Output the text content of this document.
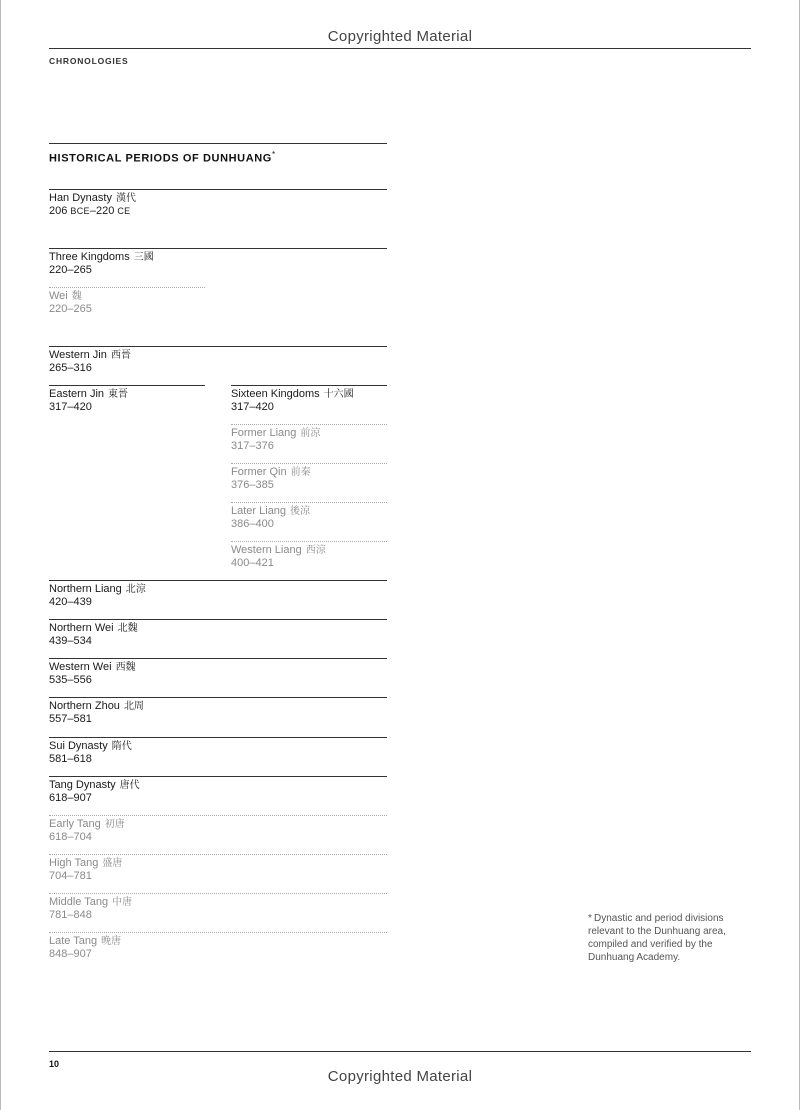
Copyrighted Material
CHRONOLOGIES
HISTORICAL PERIODS OF DUNHUANG*
Han Dynasty 漢代
206 BCE–220 CE
Three Kingdoms 三國
220–265
Wei 魏
220–265
Western Jin 西晉
265–316
Eastern Jin 東晉
317–420
Sixteen Kingdoms 十六國
317–420
Former Liang 前涼
317–376
Former Qin 前秦
376–385
Later Liang 後涼
386–400
Western Liang 西涼
400–421
Northern Liang 北涼
420–439
Northern Wei 北魏
439–534
Western Wei 西魏
535–556
Northern Zhou 北周
557–581
Sui Dynasty 隋代
581–618
Tang Dynasty 唐代
618–907
Early Tang 初唐
618–704
High Tang 盛唐
704–781
Middle Tang 中唐
781–848
Late Tang 晚唐
848–907
* Dynastic and period divisions relevant to the Dunhuang area, compiled and verified by the Dunhuang Academy.
10
Copyrighted Material
